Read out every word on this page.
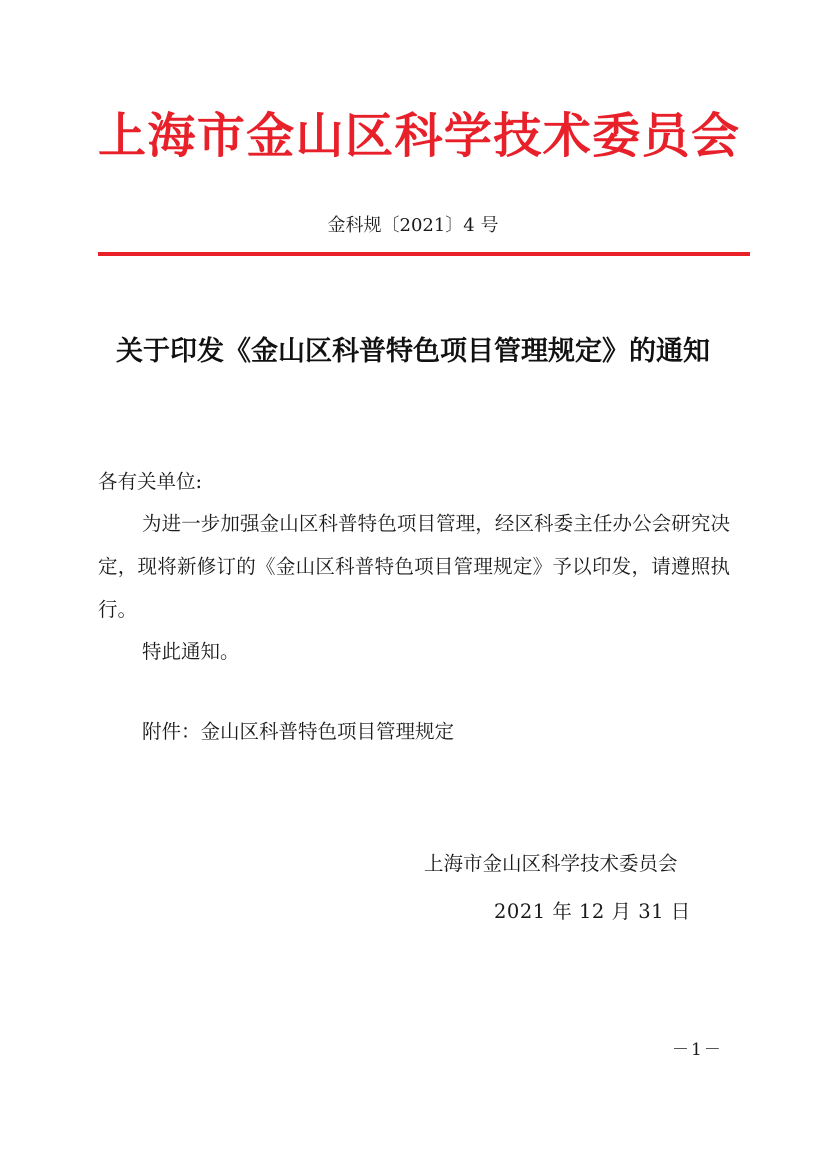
上海市金山区科学技术委员会
金科规〔2021〕4 号
关于印发《金山区科普特色项目管理规定》的通知
各有关单位:
为进一步加强金山区科普特色项目管理，经区科委主任办公会研究决定，现将新修订的《金山区科普特色项目管理规定》予以印发，请遵照执行。
特此通知。
附件：金山区科普特色项目管理规定
上海市金山区科学技术委员会
2021 年 12 月 31 日
－1－
